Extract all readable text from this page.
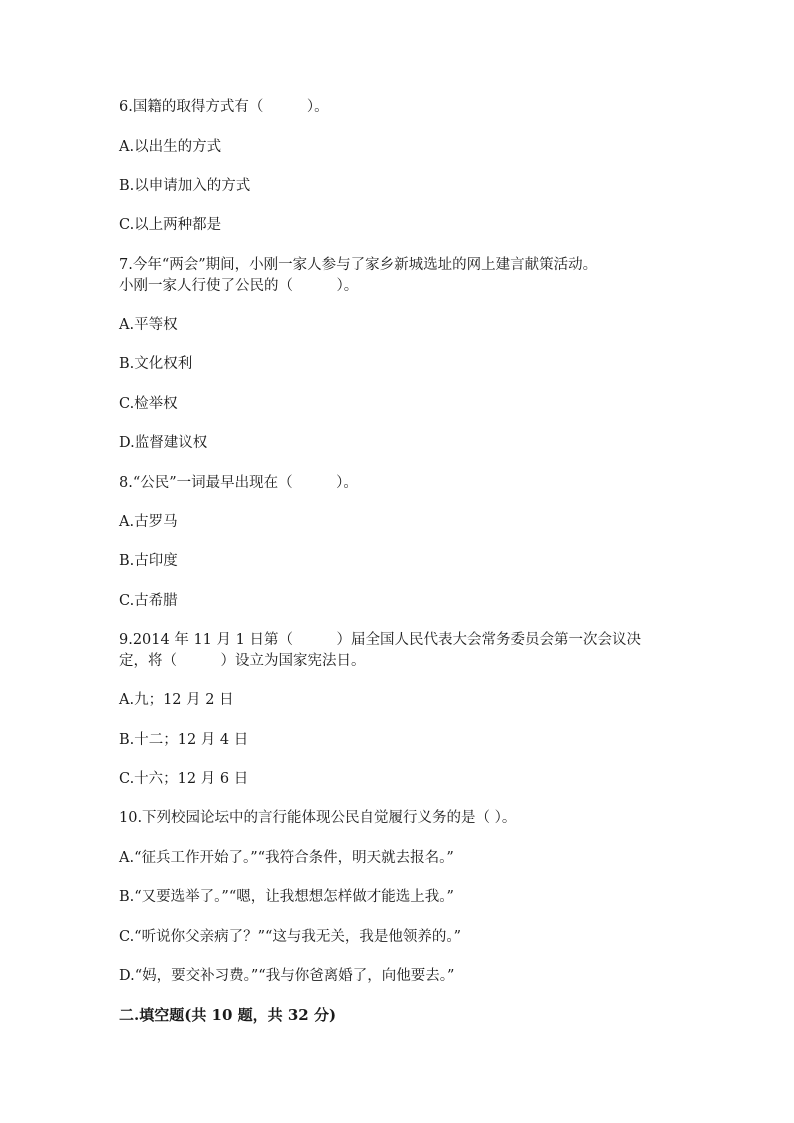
6.国籍的取得方式有（　　　）。
A.以出生的方式
B.以申请加入的方式
C.以上两种都是
7.今年“两会”期间，小刚一家人参与了家乡新城选址的网上建言献策活动。
小刚一家人行使了公民的（　　　）。
A.平等权
B.文化权利
C.检举权
D.监督建议权
8.“公民”一词最早出现在（　　　）。
A.古罗马
B.古印度
C.古希腊
9.2014 年 11 月 1 日第（　　　）届全国人民代表大会常务委员会第一次会议决
定，将（　　　）设立为国家宪法日。
A.九；12 月 2 日
B.十二；12 月 4 日
C.十六；12 月 6 日
10.下列校园论坛中的言行能体现公民自觉履行义务的是（ ）。
A.“征兵工作开始了。”“我符合条件，明天就去报名。”
B.“又要选举了。”“嗯，让我想想怎样做才能选上我。”
C.“听说你父亲病了？”“这与我无关，我是他领养的。”
D.“妈，要交补习费。”“我与你爸离婚了，向他要去。”
二.填空题(共 10 题，共 32 分)
